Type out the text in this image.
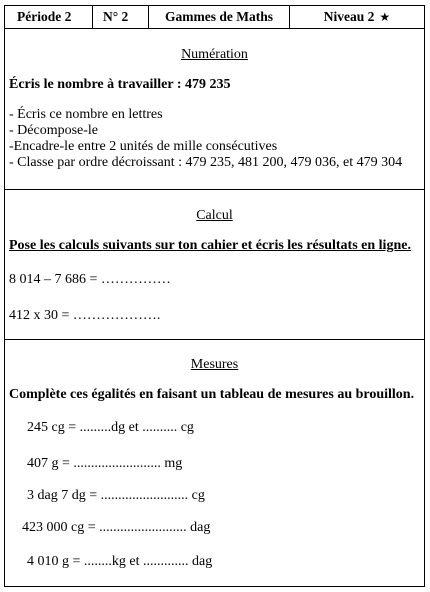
Période 2	N° 2	Gammes de Maths	Niveau 2 ★
Numération
Écris le nombre à travailler : 479 235
- Écris ce nombre en lettres
- Décompose-le
-Encadre-le entre 2 unités de mille consécutives
- Classe par ordre décroissant : 479 235, 481 200, 479 036, et 479 304
Calcul
Pose les calculs suivants sur ton cahier et écris les résultats en ligne.
8 014 – 7 686 = ……………
412 x 30 = ……………….
Mesures
Complète ces égalités en faisant un tableau de mesures au brouillon.
245 cg = .........dg et .......... cg
407 g = ......................... mg
3 dag 7 dg = ......................... cg
423 000 cg = ......................... dag
4 010 g = ........kg et ............. dag
